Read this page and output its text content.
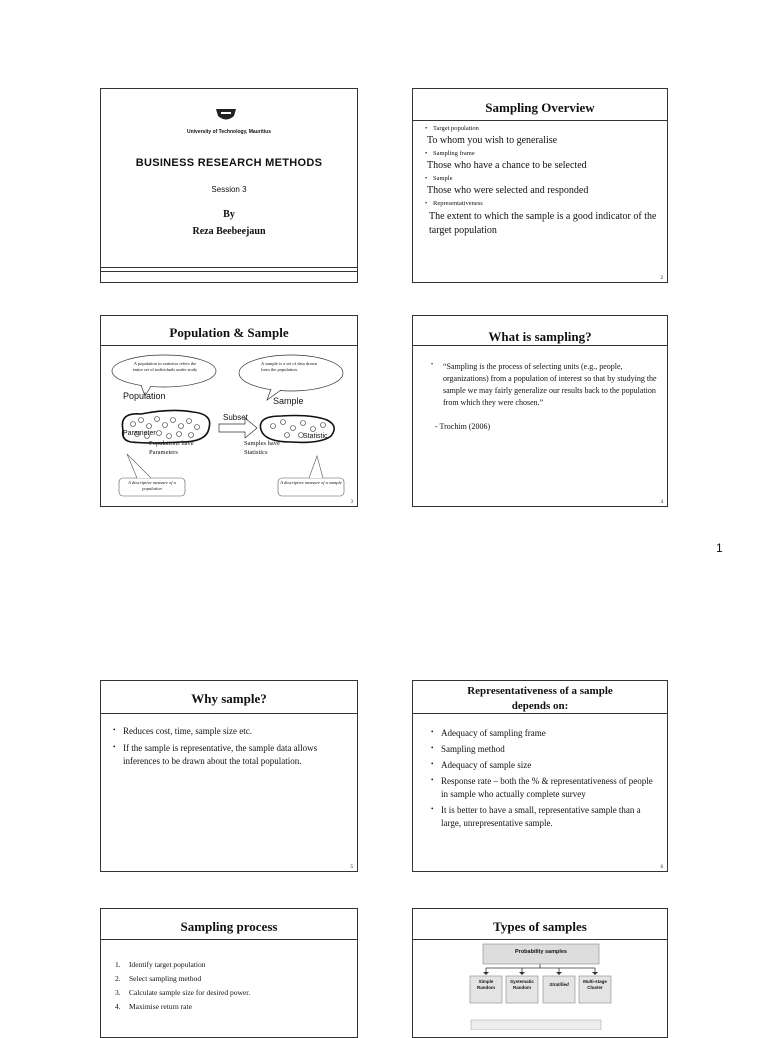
1
University of Technology, Mauritius
BUSINESS RESEARCH METHODS
Session 3
By
Reza Beebeejaun
Sampling Overview
• Target population
To whom you wish to generalise
• Sampling frame
Those who have a chance to be selected
• Sample
Those who were selected and responded
• Representativeness
The extent to which the sample is a good indicator of the target population
2
Population & Sample
A population in statistics refers the entire set of individuals under study
A sample is a set of data drawn from the population.
Population	Sample
Subset
Parameter	Statistic
Populations have Parameters
Samples have Statistics
A descriptive measure of a population
A descriptive measure of a sample
3
What is sampling?
• “Sampling is the process of selecting units (e.g., people, organizations) from a population of interest so that by studying the sample we may fairly generalize our results back to the population from which they were chosen.”
- Trochim (2006)
4
Why sample?
• Reduces cost, time, sample size etc.
• If the sample is representative, the sample data allows inferences to be drawn about the total population.
5
Representativeness of a sample
depends on:
• Adequacy of sampling frame
• Sampling method
• Adequacy of sample size
• Response rate – both the % & representativeness of people in sample who actually complete survey
• It is better to have a small, representative sample than a large, unrepresentative sample.
6
Sampling process
1. Identify target population
2. Select sampling method
3. Calculate sample size for desired power.
4. Maximise return rate
Types of samples
Probability samples
Simple Random
Systematic Random
Stratified
Multi-stage Cluster
